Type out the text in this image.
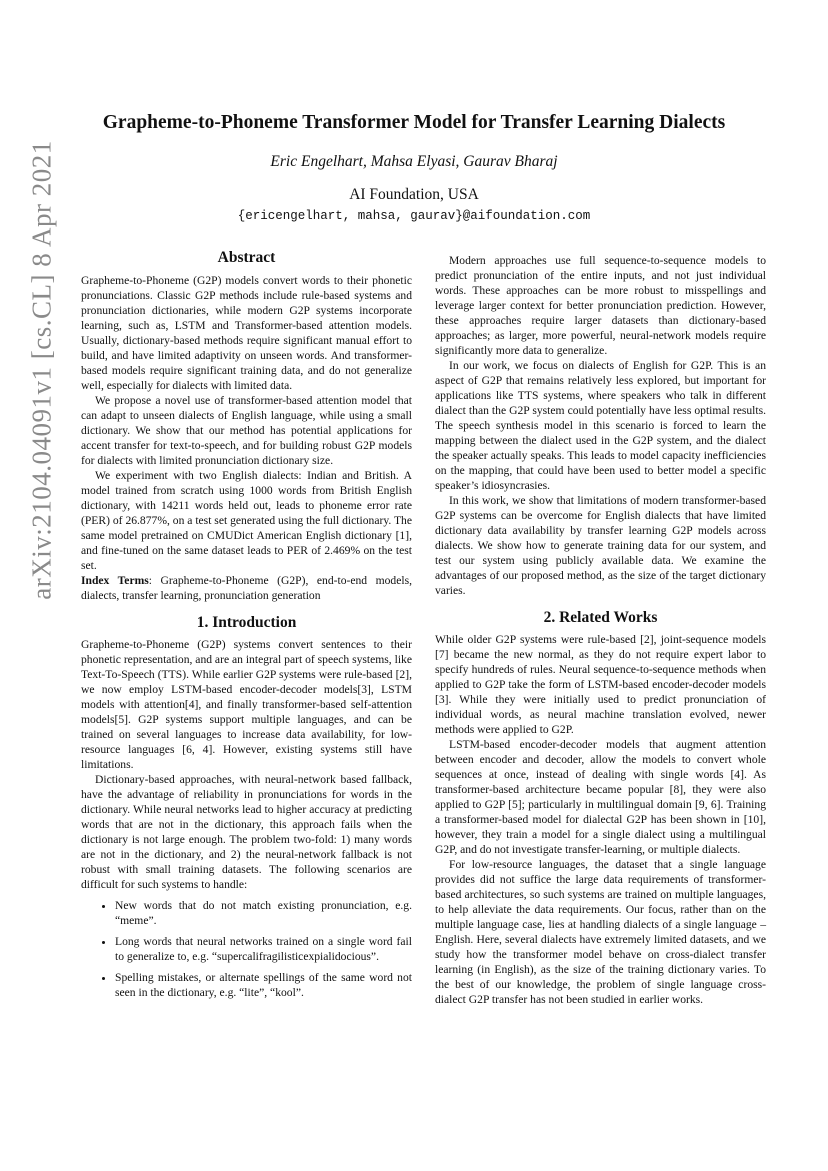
arXiv:2104.04091v1 [cs.CL] 8 Apr 2021
Grapheme-to-Phoneme Transformer Model for Transfer Learning Dialects
Eric Engelhart, Mahsa Elyasi, Gaurav Bharaj
AI Foundation, USA
{ericengelhart, mahsa, gaurav}@aifoundation.com
Abstract

Grapheme-to-Phoneme (G2P) models convert words to their phonetic pronunciations. Classic G2P methods include rule-based systems and pronunciation dictionaries, while modern G2P systems incorporate learning, such as, LSTM and Transformer-based attention models. Usually, dictionary-based methods require significant manual effort to build, and have limited adaptivity on unseen words. And transformer-based models require significant training data, and do not generalize well, especially for dialects with limited data.

We propose a novel use of transformer-based attention model that can adapt to unseen dialects of English language, while using a small dictionary. We show that our method has potential applications for accent transfer for text-to-speech, and for building robust G2P models for dialects with limited pronunciation dictionary size.

We experiment with two English dialects: Indian and British. A model trained from scratch using 1000 words from British English dictionary, with 14211 words held out, leads to phoneme error rate (PER) of 26.877%, on a test set generated using the full dictionary. The same model pretrained on CMUDict American English dictionary [1], and fine-tuned on the same dataset leads to PER of 2.469% on the test set.

Index Terms: Grapheme-to-Phoneme (G2P), end-to-end models, dialects, transfer learning, pronunciation generation

1. Introduction

Grapheme-to-Phoneme (G2P) systems convert sentences to their phonetic representation, and are an integral part of speech systems, like Text-To-Speech (TTS). While earlier G2P systems were rule-based [2], we now employ LSTM-based encoder-decoder models[3], LSTM models with attention[4], and finally transformer-based self-attention models[5]. G2P systems support multiple languages, and can be trained on several languages to increase data availability, for low-resource languages [6, 4]. However, existing systems still have limitations.

Dictionary-based approaches, with neural-network based fallback, have the advantage of reliability in pronunciations for words in the dictionary. While neural networks lead to higher accuracy at predicting words that are not in the dictionary, this approach fails when the dictionary is not large enough. The problem two-fold: 1) many words are not in the dictionary, and 2) the neural-network fallback is not robust with small training datasets. The following scenarios are difficult for such systems to handle:

• New words that do not match existing pronunciation, e.g. “meme”.
• Long words that neural networks trained on a single word fail to generalize to, e.g. “supercalifragilisticexpialidocious”.
• Spelling mistakes, or alternate spellings of the same word not seen in the dictionary, e.g. “lite”, “kool”.

Modern approaches use full sequence-to-sequence models to predict pronunciation of the entire inputs, and not just individual words. These approaches can be more robust to misspellings and leverage larger context for better pronunciation prediction. However, these approaches require larger datasets than dictionary-based approaches; as larger, more powerful, neural-network models require significantly more data to generalize.

In our work, we focus on dialects of English for G2P. This is an aspect of G2P that remains relatively less explored, but important for applications like TTS systems, where speakers who talk in different dialect than the G2P system could potentially have less optimal results. The speech synthesis model in this scenario is forced to learn the mapping between the dialect used in the G2P system, and the dialect the speaker actually speaks. This leads to model capacity inefficiencies on the mapping, that could have been used to better model a specific speaker’s idiosyncrasies.

In this work, we show that limitations of modern transformer-based G2P systems can be overcome for English dialects that have limited dictionary data availability by transfer learning G2P models across dialects. We show how to generate training data for our system, and test our system using publicly available data. We examine the advantages of our proposed method, as the size of the target dictionary varies.

2. Related Works

While older G2P systems were rule-based [2], joint-sequence models [7] became the new normal, as they do not require expert labor to specify hundreds of rules. Neural sequence-to-sequence methods when applied to G2P take the form of LSTM-based encoder-decoder models [3]. While they were initially used to predict pronunciation of individual words, as neural machine translation evolved, newer methods were applied to G2P.

LSTM-based encoder-decoder models that augment attention between encoder and decoder, allow the models to convert whole sequences at once, instead of dealing with single words [4]. As transformer-based architecture became popular [8], they were also applied to G2P [5]; particularly in multilingual domain [9, 6]. Training a transformer-based model for dialectal G2P has been shown in [10], however, they train a model for a single dialect using a multilingual G2P, and do not investigate transfer-learning, or multiple dialects.

For low-resource languages, the dataset that a single language provides did not suffice the large data requirements of transformer-based architectures, so such systems are trained on multiple languages, to help alleviate the data requirements. Our focus, rather than on the multiple language case, lies at handling dialects of a single language – English. Here, several dialects have extremely limited datasets, and we study how the transformer model behave on cross-dialect transfer learning (in English), as the size of the training dictionary varies. To the best of our knowledge, the problem of single language cross-dialect G2P transfer has not been studied in earlier works.
